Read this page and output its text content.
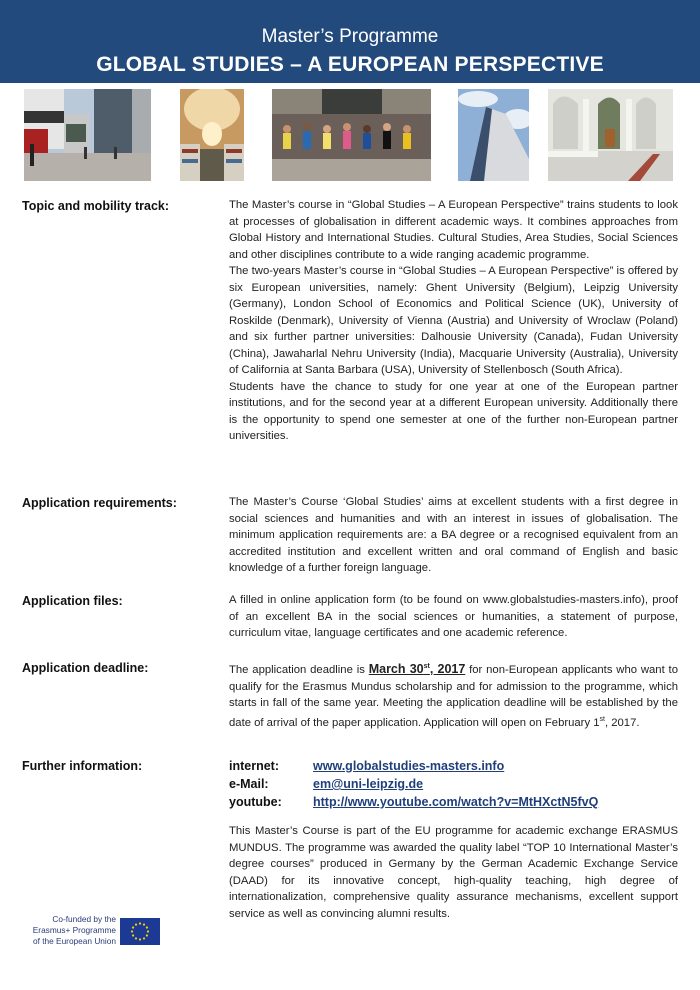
Master’s Programme
GLOBAL STUDIES – A EUROPEAN PERSPECTIVE
Topic and mobility track:	The Master’s course in “Global Studies – A European Perspective” trains students to look at processes of globalisation in different academic ways. It combines approaches from Global History and International Studies. Cultural Studies, Area Studies, Social Sciences and other disciplines contribute to a wide ranging academic programme.

The two-years Master’s course in “Global Studies – A European Perspective” is offered by six European universities, namely: Ghent University (Belgium), Leipzig University (Germany), London School of Economics and Political Science (UK), University of Roskilde (Denmark), University of Vienna (Austria) and University of Wroclaw (Poland) and six further partner universities: Dalhousie University (Canada), Fudan University (China), Jawaharlal Nehru University (India), Macquarie University (Australia), University of California at Santa Barbara (USA), University of Stellenbosch (South Africa).

Students have the chance to study for one year at one of the European partner institutions, and for the second year at a different European university. Additionally there is the opportunity to spend one semester at one of the further non-European partner universities.

Application requirements:	The Master’s Course ‘Global Studies’ aims at excellent students with a first degree in social sciences and humanities and with an interest in issues of globalisation. The minimum application requirements are: a BA degree or a recognised equivalent from an accredited institution and excellent written and oral command of English and basic knowledge of a further foreign language.
Application files:	A filled in online application form (to be found on www.globalstudies-masters.info), proof of an excellent BA in the social sciences or humanities, a statement of purpose, curriculum vitae, language certificates and one academic reference.
Application deadline:	The application deadline is March 30st, 2017 for non-European applicants who want to qualify for the Erasmus Mundus scholarship and for admission to the programme, which starts in fall of the same year. Meeting the application deadline will be established by the date of arrival of the paper application. Application will open on February 1st, 2017.
Further information:	internet:	www.globalstudies-masters.info
e-Mail:	em@uni-leipzig.de
youtube:	http://www.youtube.com/watch?v=MtHXctN5fvQ
This Master’s Course is part of the EU programme for academic exchange ERASMUS MUNDUS. The programme was awarded the quality label “TOP 10 International Master’s degree courses” produced in Germany by the German Academic Exchange Service (DAAD) for its innovative concept, high-quality teaching, high degree of internationalization, comprehensive quality assurance mechanisms, excellent support service as well as convincing alumni results.
Co-funded by the
Erasmus+ Programme
of the European Union
